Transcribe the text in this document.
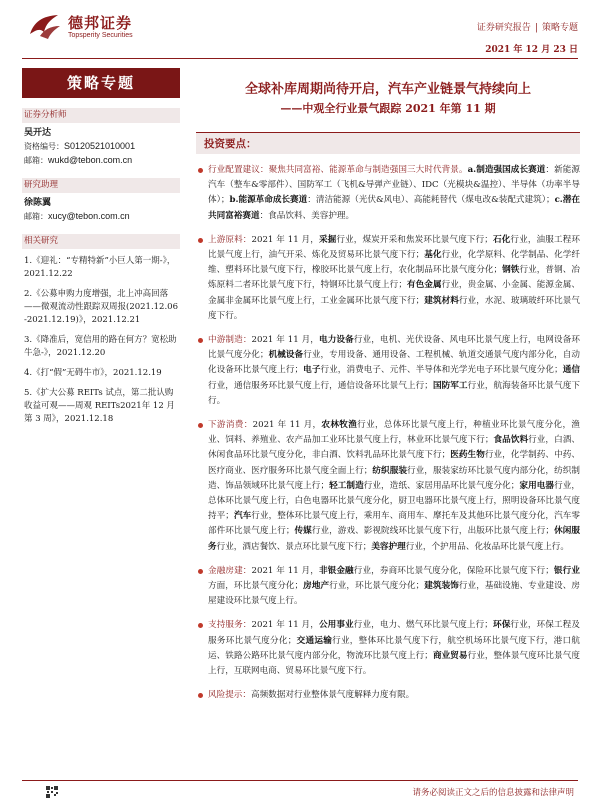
德邦证券
Topsperity Securities
证券研究报告 | 策略专题
2021 年 12 月 23 日
策略专题
证券分析师
吴开达
资格编号：S0120521010001
邮箱：wukd@tebon.com.cn
研究助理
徐陈翼
邮箱：xucy@tebon.com.cn
相关研究
1.《迎礼：“专精特新”小巨人第一期-》，2021.12.22
2.《公募申购力度增强，北上冲高回落——微观流动性跟踪双周报(2021.12.06-2021.12.19)》，2021.12.21
3.《降准后，宽信用的路在何方？宽松助牛急-》，2021.12.20
4.《打“假”无碍牛市》，2021.12.19
5.《扩大公募 REITs 试点，第二批认购收益可观——周观 REITs2021年 12 月第 3 周》，2021.12.18
全球补库周期尚待开启，汽车产业链景气持续向上
——中观全行业景气跟踪 2021 年第 11 期
投资要点：
行业配置建议：聚焦共同富裕、能源革命与制造强国三大时代背景。a.制造强国成长赛道：新能源汽车（整车&零部件）、国防军工（飞机&导弹产业链）、IDC（光模块&温控）、半导体（功率半导体）；b.能源革命成长赛道：清洁能源（光伏&风电）、高能耗替代（煤电改&装配式建筑）；c.潜在共同富裕赛道：食品饮料、美容护理。
上游原料：2021 年 11 月，采掘行业，煤炭开采和焦炭环比景气度下行；石化行业，油服工程环比景气度上行，油气开采、炼化及贸易环比景气度下行；基化行业，化学原料、化学制品、化学纤维、塑料环比景气度下行，橡胶环比景气度上行，农化制品环比景气度分化；钢铁行业，普钢、冶炼原料二者环比景气度下行，特钢环比景气度上行；有色金属行业，贵金属、小金属、能源金属、金属非金属环比景气度上行，工业金属环比景气度下行；建筑材料行业，水泥、玻璃玻纤环比景气度下行。
中游制造：2021 年 11 月，电力设备行业，电机、光伏设备、风电环比景气度上行，电网设备环比景气度分化；机械设备行业，专用设备、通用设备、工程机械、轨道交通景气度内部分化，自动化设备环比景气度上行；电子行业，消费电子、元件、半导体和光学光电子环比景气度分化；通信行业，通信服务环比景气度上行，通信设备环比景气上行；国防军工行业，航海装备环比景气度下行。
下游消费：2021 年 11 月，农林牧渔行业，总体环比景气度上行，种植业环比景气度分化，渔业、饲料、养殖业、农产品加工业环比景气度上行，林业环比景气度下行；食品饮料行业，白酒、休闲食品环比景气度分化，非白酒、饮料乳品环比景气度下行；医药生物行业，化学制药、中药、医疗商业、医疗服务环比景气度全面上行；纺织服装行业，服装家纺环比景气度内部分化，纺织制造、饰品领域环比景气度上行；轻工制造行业，造纸、家居用品环比景气度分化；家用电器行业，总体环比景气度上行，白色电器环比景气度分化，厨卫电器环比景气度上行，照明设备环比景气度持平；汽车行业，整体环比景气度上行，乘用车、商用车、摩托车及其他环比景气度分化，汽车零部件环比景气度上行；传媒行业，游戏、影视院线环比景气度下行，出版环比景气度上行；休闲服务行业，酒店餐饮、景点环比景气度下行；美容护理行业，个护用品、化妆品环比景气度上行。
金融房建：2021 年 11 月，非银金融行业，券商环比景气度分化，保险环比景气度下行；银行业方面，环比景气度分化；房地产行业，环比景气度分化；建筑装饰行业，基础设施、专业建设、房屋建设环比景气度上行。
支持服务：2021 年 11 月，公用事业行业，电力、燃气环比景气度上行；环保行业，环保工程及服务环比景气度分化；交通运输行业，整体环比景气度下行，航空机场环比景气度下行，港口航运、铁路公路环比景气度内部分化，物流环比景气度上行；商业贸易行业，整体景气度环比景气度上行，互联网电商、贸易环比景气度下行。
风险提示：高频数据对行业整体景气度解释力度有限。
请务必阅读正文之后的信息披露和法律声明
